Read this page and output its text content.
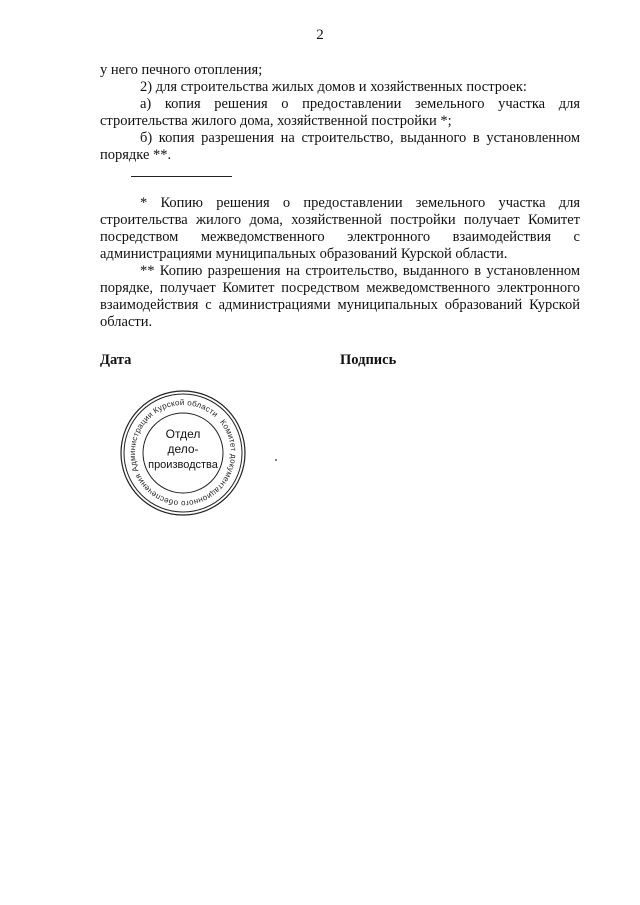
2

у него печного отопления;

2) для строительства жилых домов и хозяйственных построек:

а) копия решения о предоставлении земельного участка для строительства жилого дома, хозяйственной постройки *;

б) копия разрешения на строительство, выданного в установленном порядке **.

* Копию решения о предоставлении земельного участка для строительства жилого дома, хозяйственной постройки получает Комитет посредством межведомственного электронного взаимодействия с администрациями муниципальных образований Курской области.

** Копию разрешения на строительство, выданного в установленном порядке, получает Комитет посредством межведомственного электронного взаимодействия с администрациями муниципальных образований Курской области.

Дата	Подпись
Комитет документационного обеспечения Администрации Курской области
Отдел
дело-
производства
